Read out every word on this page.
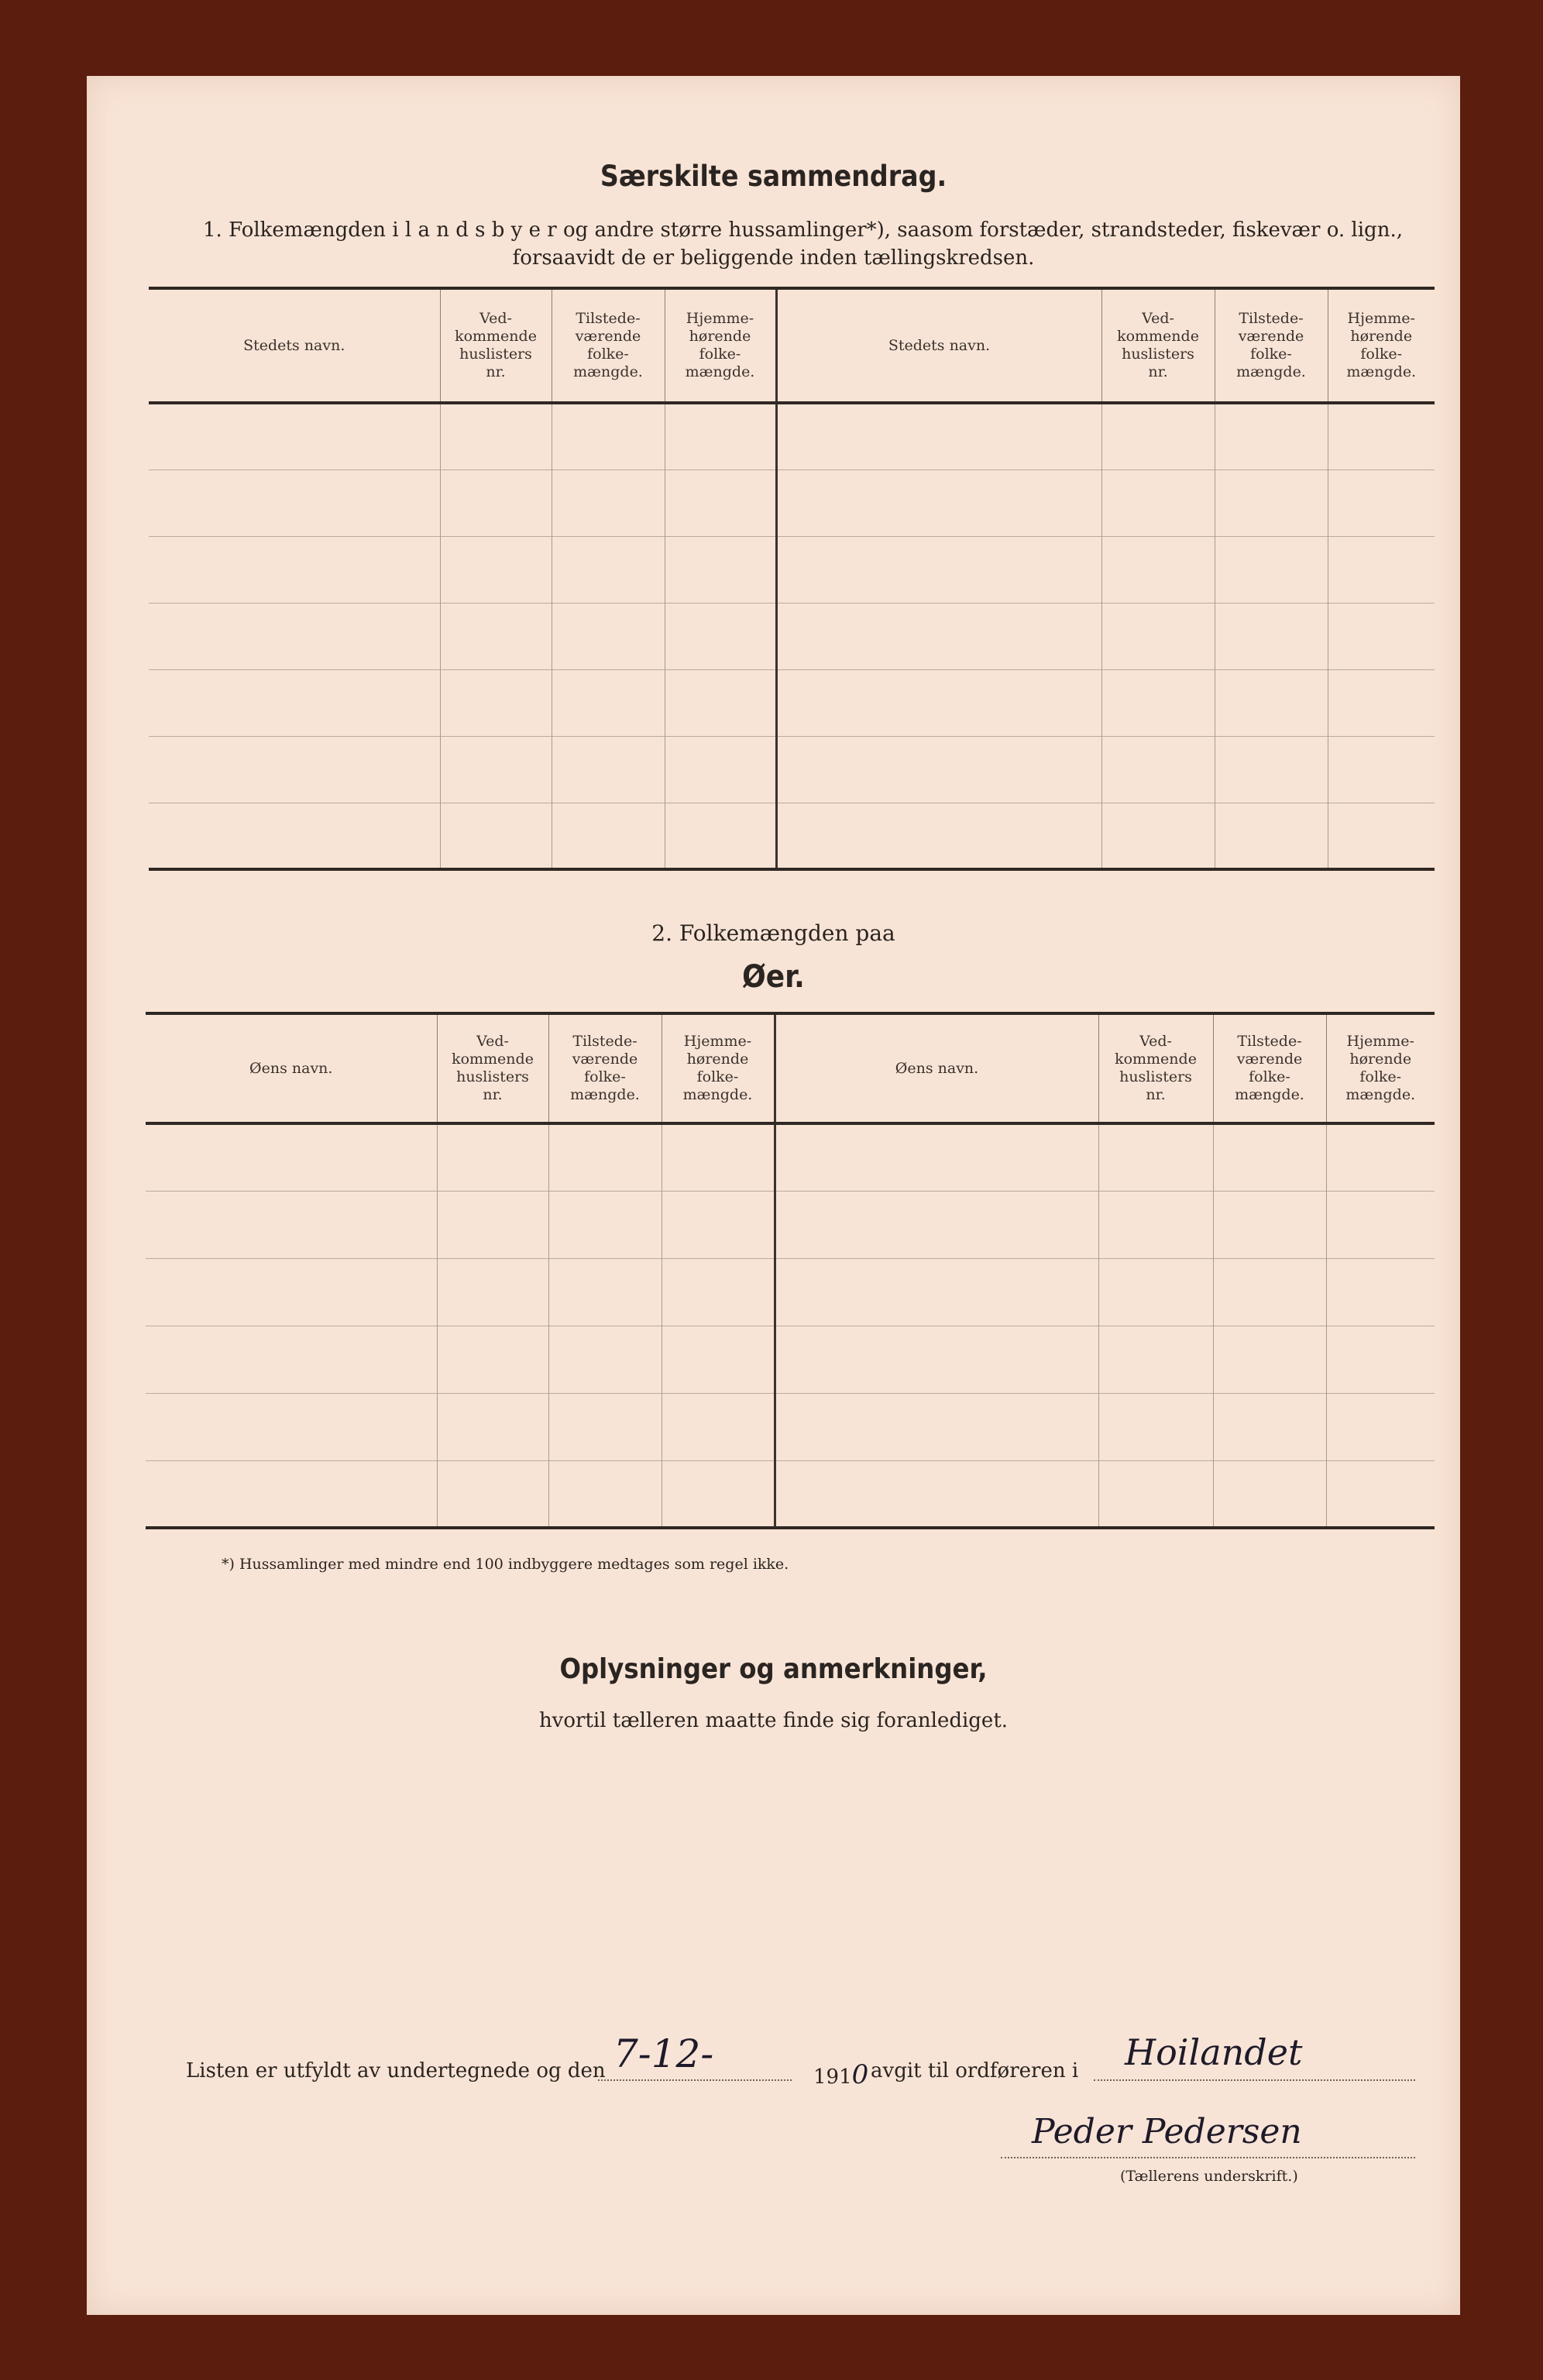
Særskilte sammendrag.
1. Folkemængden i l a n d s b y e r og andre større hussamlinger*), saasom forstæder, strandsteder, fiskevær o. lign.,
forsaavidt de er beliggende inden tællingskredsen.
Stedets navn.	Ved-
kommende
huslisters
nr.	Tilstede-
værende
folke-
mængde.	Hjemme-
hørende
folke-
mængde.	Stedets navn.	Ved-
kommende
huslisters
nr.	Tilstede-
værende
folke-
mængde.	Hjemme-
hørende
folke-
mængde.

2. Folkemængden paa
Øer.
Øens navn.	Ved-
kommende
huslisters
nr.	Tilstede-
værende
folke-
mængde.	Hjemme-
hørende
folke-
mængde.	Øens navn.	Ved-
kommende
huslisters
nr.	Tilstede-
værende
folke-
mængde.	Hjemme-
hørende
folke-
mængde.

*) Hussamlinger med mindre end 100 indbyggere medtages som regel ikke.
Oplysninger og anmerkninger,
hvortil tælleren maatte finde sig foranlediget.
Listen er utfyldt av undertegnede og den 7-12-
1910 avgit til ordføreren i Hoilandet
Peder Pedersen
(Tællerens underskrift.)
